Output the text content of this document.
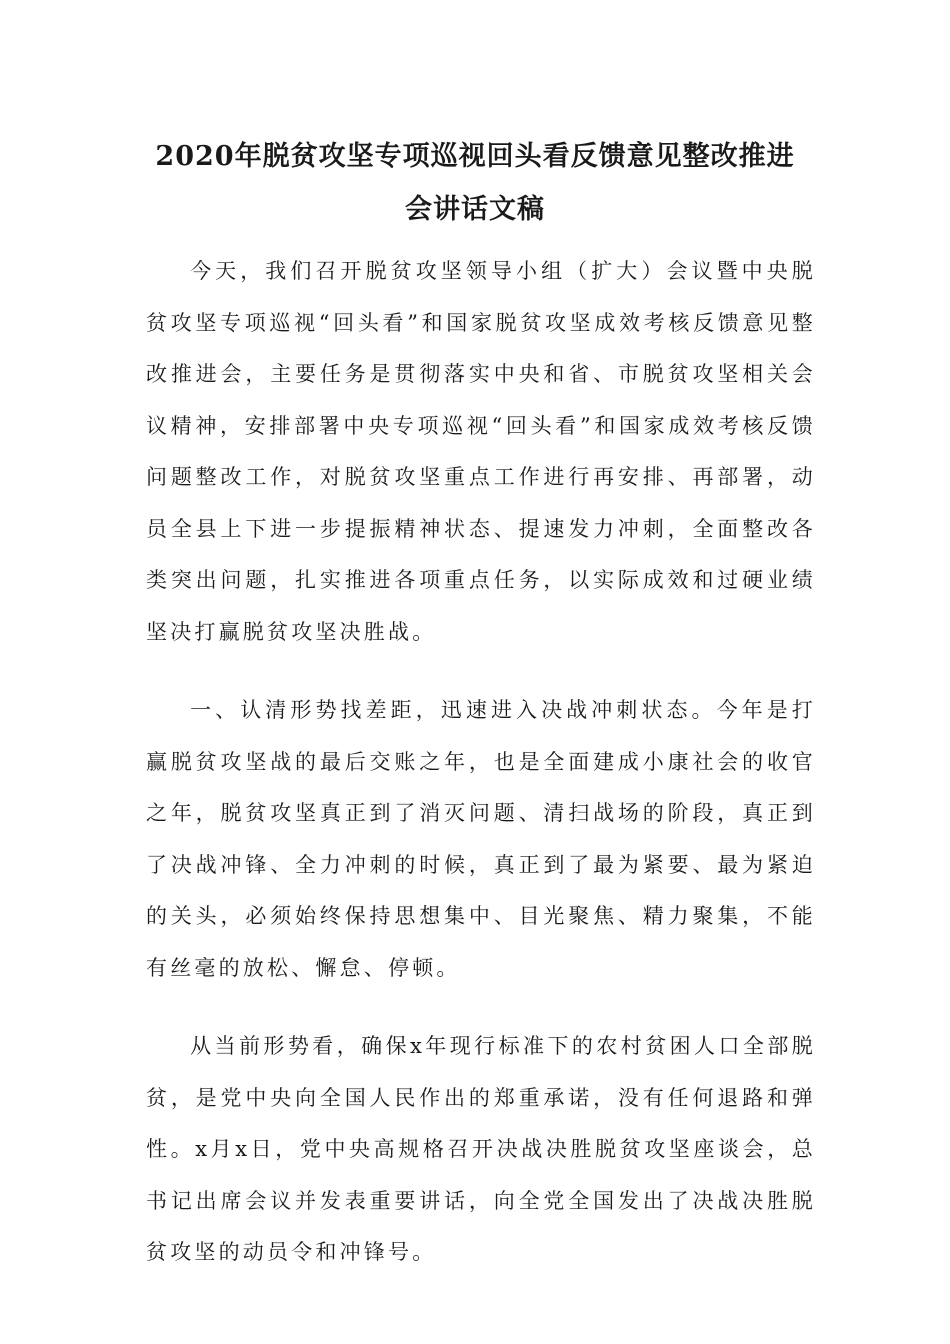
2020年脱贫攻坚专项巡视回头看反馈意见整改推进
会讲话文稿

今天，我们召开脱贫攻坚领导小组（扩大）会议暨中央脱贫攻坚专项巡视“回头看”和国家脱贫攻坚成效考核反馈意见整改推进会，主要任务是贯彻落实中央和省、市脱贫攻坚相关会议精神，安排部署中央专项巡视“回头看”和国家成效考核反馈问题整改工作，对脱贫攻坚重点工作进行再安排、再部署，动员全县上下进一步提振精神状态、提速发力冲刺，全面整改各类突出问题，扎实推进各项重点任务，以实际成效和过硬业绩坚决打赢脱贫攻坚决胜战。

一、认清形势找差距，迅速进入决战冲刺状态。今年是打赢脱贫攻坚战的最后交账之年，也是全面建成小康社会的收官之年，脱贫攻坚真正到了消灭问题、清扫战场的阶段，真正到了决战冲锋、全力冲刺的时候，真正到了最为紧要、最为紧迫的关头，必须始终保持思想集中、目光聚焦、精力聚集，不能有丝毫的放松、懈怠、停顿。

从当前形势看，确保x年现行标准下的农村贫困人口全部脱贫，是党中央向全国人民作出的郑重承诺，没有任何退路和弹性。x月x日，党中央高规格召开决战决胜脱贫攻坚座谈会，总书记出席会议并发表重要讲话，向全党全国发出了决战决胜脱贫攻坚的动员令和冲锋号。
